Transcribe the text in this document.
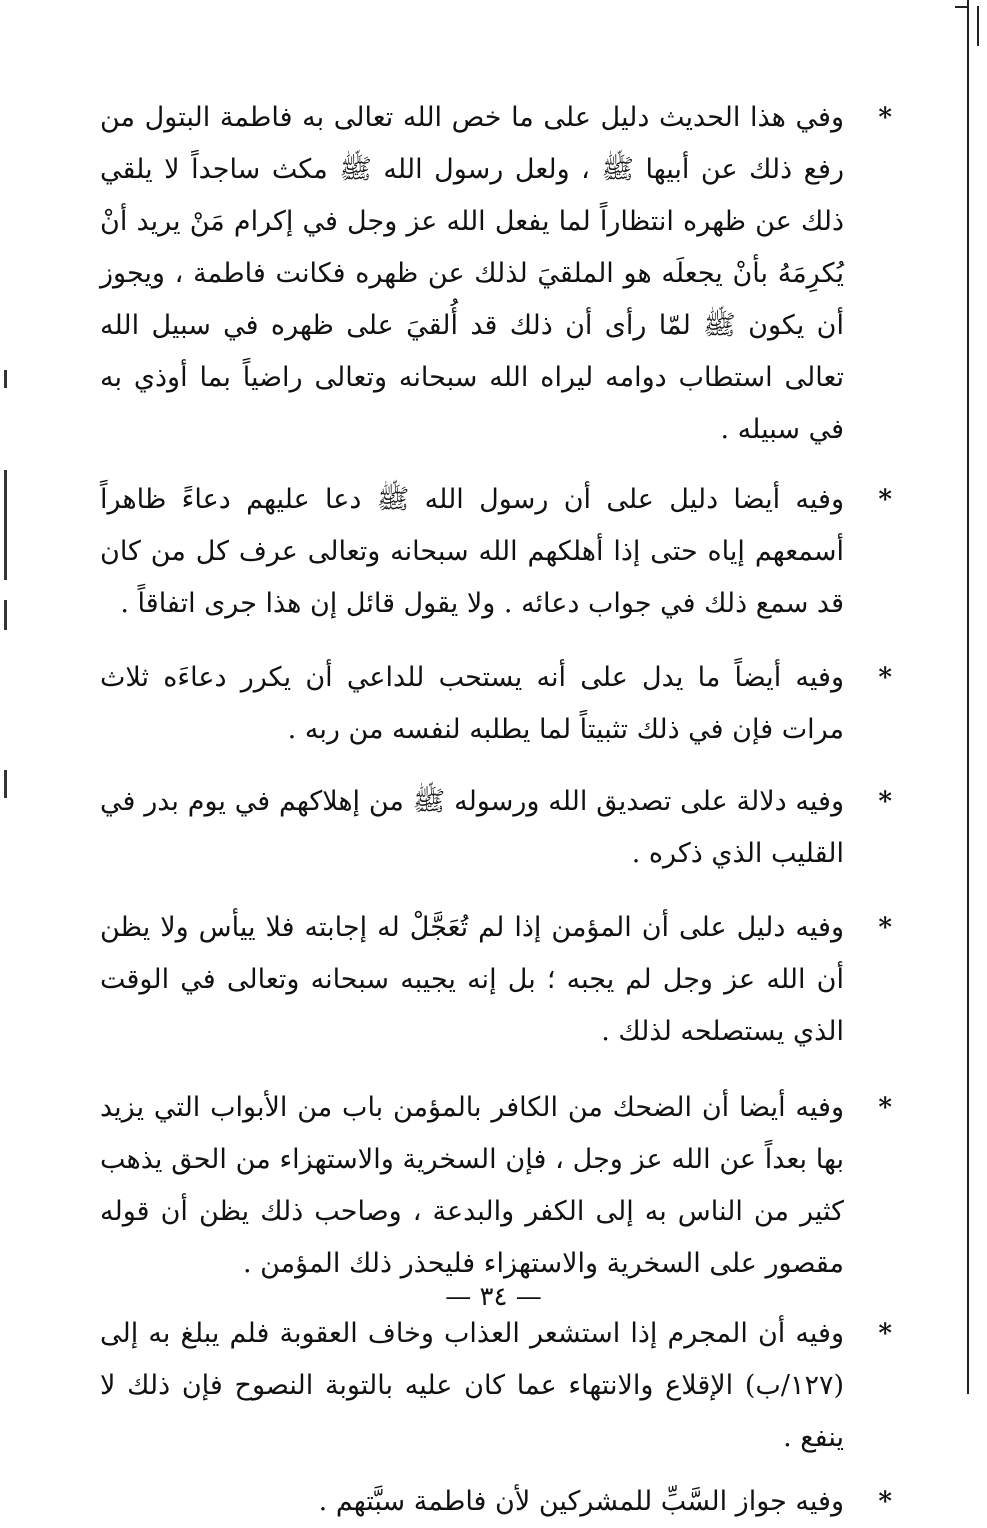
*
وفي هذا الحديث دليل على ما خص الله تعالى به فاطمة البتول من رفع ذلك عن أبيها ﷺ ، ولعل رسول الله ﷺ مكث ساجداً لا يلقي ذلك عن ظهره انتظاراً لما يفعل الله عز وجل في إكرام مَنْ يريد أنْ يُكرِمَهُ بأنْ يجعلَه هو الملقيَ لذلك عن ظهره فكانت فاطمة ، ويجوز أن يكون ﷺ لمّا رأى أن ذلك قد أُلقيَ على ظهره في سبيل الله تعالى استطاب دوامه ليراه الله سبحانه وتعالى راضياً بما أوذي به في سبيله .

*
وفيه أيضا دليل على أن رسول الله ﷺ دعا عليهم دعاءً ظاهراً أسمعهم إياه حتى إذا أهلكهم الله سبحانه وتعالى عرف كل من كان قد سمع ذلك في جواب دعائه . ولا يقول قائل إن هذا جرى اتفاقاً .

*
وفيه أيضاً ما يدل على أنه يستحب للداعي أن يكرر دعاءَه ثلاث مرات فإن في ذلك تثبيتاً لما يطلبه لنفسه من ربه .

*
وفيه دلالة على تصديق الله ورسوله ﷺ من إهلاكهم في يوم بدر في القليب الذي ذكره .

*
وفيه دليل على أن المؤمن إذا لم تُعَجَّلْ له إجابته فلا ييأس ولا يظن أن الله عز وجل لم يجبه ؛ بل إنه يجيبه سبحانه وتعالى في الوقت الذي يستصلحه لذلك .

*
وفيه أيضا أن الضحك من الكافر بالمؤمن باب من الأبواب التي يزيد بها بعداً عن الله عز وجل ، فإن السخرية والاستهزاء من الحق يذهب كثير من الناس به إلى الكفر والبدعة ، وصاحب ذلك يظن أن قوله مقصور على السخرية والاستهزاء فليحذر ذلك المؤمن .

*
وفيه أن المجرم إذا استشعر العذاب وخاف العقوبة فلم يبلغ به إلى (١٢٧/ب) الإقلاع والانتهاء عما كان عليه بالتوبة النصوح فإن ذلك لا ينفع .

*
وفيه جواز السَّبِّ للمشركين لأن فاطمة سبَّتهم .

— ٣٤ —
